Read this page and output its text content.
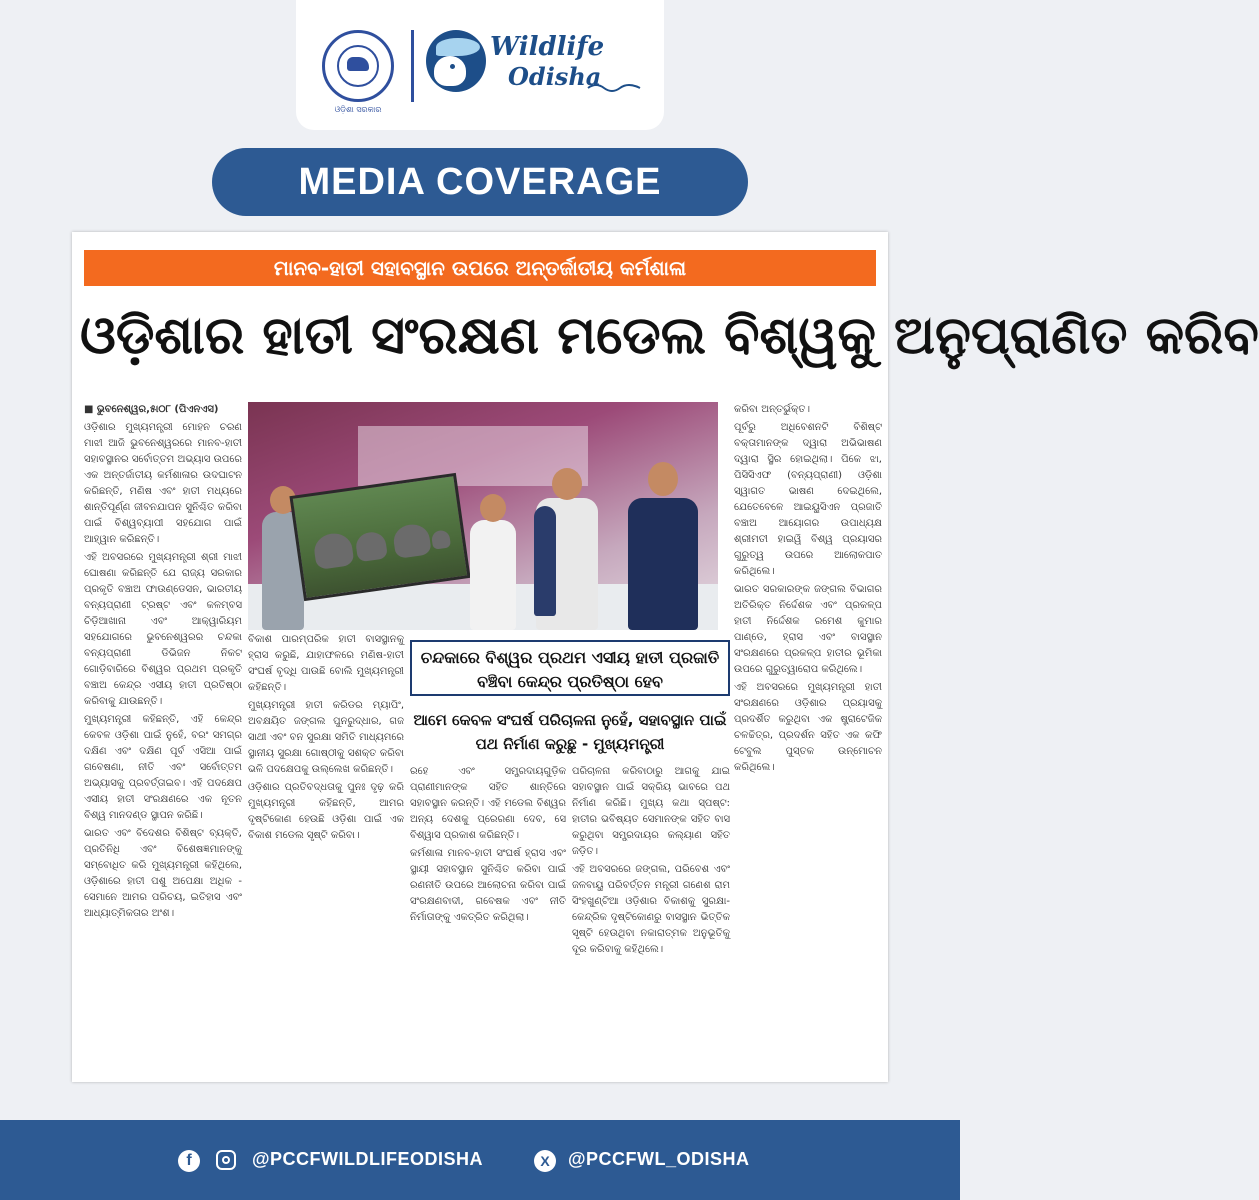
ଓଡ଼ିଶା ସରକାର
Wildlife
Odisha
MEDIA COVERAGE
ମାନବ-ହାତୀ ସହାବସ୍ଥାନ ଉପରେ ଅନ୍ତର୍ଜାତୀୟ କର୍ମଶାଳା
ଓଡ଼ିଶାର ହାତୀ ସଂରକ୍ଷଣ ମଡେଲ ବିଶ୍ୱକୁ ଅନୁପ୍ରାଣିତ କରିବ

■ ଭୁବନେଶ୍ୱର,୫ା୦୮ (ପିଏନଏସ)

ଓଡ଼ିଶାର ମୁଖ୍ୟମନ୍ତ୍ରୀ ମୋହନ ଚରଣ ମାଝୀ ଆଜି ଭୁବନେଶ୍ୱରରେ ମାନବ-ହାତୀ ସହାବସ୍ଥାନର ସର୍ବୋତ୍ତମ ଅଭ୍ୟାସ ଉପରେ ଏକ ଅନ୍ତର୍ଜାତୀୟ କର୍ମଶାଳାର ଉଦଘାଟନ କରିଛନ୍ତି, ମଣିଷ ଏବଂ ହାତୀ ମଧ୍ୟରେ ଶାନ୍ତିପୂର୍ଣ୍ଣ ଜୀବନଯାପନ ସୁନିଶ୍ଚିତ କରିବା ପାଇଁ ବିଶ୍ୱବ୍ୟାପୀ ସହଯୋଗ ପାଇଁ ଆହ୍ୱାନ କରିଛନ୍ତି।

ଏହି ଅବସରରେ ମୁଖ୍ୟମନ୍ତ୍ରୀ ଶ୍ରୀ ମାଝୀ ଘୋଷଣା କରିଛନ୍ତି ଯେ ରାଜ୍ୟ ସରକାର ପ୍ରକୃତି ବଞ୍ଚାଅ ଫାଉଣ୍ଡେସନ, ଭାରତୀୟ ବନ୍ୟପ୍ରାଣୀ ଟ୍ରଷ୍ଟ ଏବଂ କଳମ୍ବସ ଚିଡ଼ିଆଖାନା ଏବଂ ଆକ୍ୱାରିୟମ ସହଯୋଗରେ ଭୁବନେଶ୍ୱରର ଚନ୍ଦକା ବନ୍ୟପ୍ରାଣୀ ଡିଭିଜନ ନିକଟ ଗୋଡ଼ିବାରିରେ ବିଶ୍ୱର ପ୍ରଥମ ପ୍ରକୃତି ବଞ୍ଚାଅ କେନ୍ଦ୍ର ଏସୀୟ ହାତୀ ପ୍ରତିଷ୍ଠା କରିବାକୁ ଯାଉଛନ୍ତି।

ମୁଖ୍ୟମନ୍ତ୍ରୀ କହିଛନ୍ତି, ଏହି କେନ୍ଦ୍ର କେବଳ ଓଡ଼ିଶା ପାଇଁ ନୁହେଁ, ବରଂ ସମଗ୍ର ଦକ୍ଷିଣ ଏବଂ ଦକ୍ଷିଣ ପୂର୍ବ ଏସିଆ ପାଇଁ ଗବେଷଣା, ନୀତି ଏବଂ ସର୍ବୋତ୍ତମ ଅଭ୍ୟାସକୁ ପ୍ରବର୍ତ୍ତାଇବ। ଏହି ପଦକ୍ଷେପ ଏସୀୟ ହାତୀ ସଂରକ୍ଷଣରେ ଏକ ନୂତନ ବିଶ୍ୱ ମାନଦଣ୍ଡ ସ୍ଥାପନ କରିଛି।

ଭାରତ ଏବଂ ବିଦେଶର ବିଶିଷ୍ଟ ବ୍ୟକ୍ତି, ପ୍ରତିନିଧି ଏବଂ ବିଶେଷଜ୍ଞମାନଙ୍କୁ ସମ୍ବୋଧିତ କରି ମୁଖ୍ୟମନ୍ତ୍ରୀ କହିଥିଲେ, ଓଡ଼ିଶାରେ ହାତୀ ପଶୁ ଅପେକ୍ଷା ଅଧିକ - ସେମାନେ ଆମର ପରିଚୟ, ଇତିହାସ ଏବଂ ଆଧ୍ୟାତ୍ମିକତାର ଅଂଶ।

ବିକାଶ ପାରମ୍ପରିକ ହାତୀ ବାସସ୍ଥାନକୁ ହ୍ରାସ କରୁଛି, ଯାହାଫଳରେ ମଣିଷ-ହାତୀ ସଂଘର୍ଷ ବୃଦ୍ଧି ପାଉଛି ବୋଲି ମୁଖ୍ୟମନ୍ତ୍ରୀ କହିଛନ୍ତି।

ମୁଖ୍ୟମନ୍ତ୍ରୀ ହାତୀ କରିଡର ମ୍ୟାପିଂ, ଅବକ୍ଷୟିତ ଜଙ୍ଗଲ ପୁନରୁଦ୍ଧାର, ଗଜ ସାଥୀ ଏବଂ ବନ ସୁରକ୍ଷା ସମିତି ମାଧ୍ୟମରେ ସ୍ଥାନୀୟ ସୁରକ୍ଷା ଗୋଷ୍ଠୀକୁ ସଶକ୍ତ କରିବା ଭଳି ପଦକ୍ଷେପକୁ ଉଲ୍ଲେଖ କରିଛନ୍ତି।

ଓଡ଼ିଶାର ପ୍ରତିବଦ୍ଧତାକୁ ପୁନଃ ଦୃଢ଼ କରି ମୁଖ୍ୟମନ୍ତ୍ରୀ କହିଛନ୍ତି, ଆମର ଦୃଷ୍ଟିକୋଣ ହେଉଛି ଓଡ଼ିଶା ପାଇଁ ଏକ ବିକାଶ ମଡେଲ ସୃଷ୍ଟି କରିବା।

ଚନ୍ଦକାରେ ବିଶ୍ୱର ପ୍ରଥମ ଏସୀୟ ହାତୀ ପ୍ରଜାତି ବଞ୍ଚିବା କେନ୍ଦ୍ର ପ୍ରତିଷ୍ଠା ହେବ
ଆମେ କେବଳ ସଂଘର୍ଷ ପରିଚାଳନା ନୁହେଁ, ସହାବସ୍ଥାନ ପାଇଁ ପଥ ନିର୍ମାଣ କରୁଛୁ - ମୁଖ୍ୟମନ୍ତ୍ରୀ

ରହେ ଏବଂ ସମ୍ପ୍ରଦାୟଗୁଡ଼ିକ ପ୍ରାଣୀମାନଙ୍କ ସହିତ ଶାନ୍ତିରେ ସହାବସ୍ଥାନ କରନ୍ତି। ଏହି ମଡେଲ ବିଶ୍ୱର ଅନ୍ୟ ଦେଶକୁ ପ୍ରେରଣା ଦେବ, ସେ ବିଶ୍ୱାସ ପ୍ରକାଶ କରିଛନ୍ତି।

କର୍ମଶାଳା ମାନବ-ହାତୀ ସଂଘର୍ଷ ହ୍ରାସ ଏବଂ ସ୍ଥାୟୀ ସହାବସ୍ଥାନ ସୁନିଶ୍ଚିତ କରିବା ପାଇଁ ରଣନୀତି ଉପରେ ଆଲୋଚନା କରିବା ପାଇଁ ସଂରକ୍ଷଣବାଦୀ, ଗବେଷକ ଏବଂ ନୀତି ନିର୍ମାତାଙ୍କୁ ଏକତ୍ରିତ କରିଥିଲା।

ପରିଚାଳନା କରିବାଠାରୁ ଆଗକୁ ଯାଇ ସହାବସ୍ଥାନ ପାଇଁ ସକ୍ରିୟ ଭାବରେ ପଥ ନିର୍ମାଣ କରିଛି। ମୁଖ୍ୟ କଥା ସ୍ପଷ୍ଟ: ହାତୀର ଭବିଷ୍ୟତ ସେମାନଙ୍କ ସହିତ ବାସ କରୁଥିବା ସମ୍ପ୍ରଦାୟର କଲ୍ୟାଣ ସହିତ ଜଡ଼ିତ।

ଏହି ଅବସରରେ ଜଙ୍ଗଲ, ପରିବେଶ ଏବଂ ଜଳବାୟୁ ପରିବର୍ତ୍ତନ ମନ୍ତ୍ରୀ ଗଣେଶ ରାମ ସିଂହଖୁଣ୍ଟିଆ ଓଡ଼ିଶାର ବିକାଶକୁ ସୁରକ୍ଷା-କେନ୍ଦ୍ରିକ ଦୃଷ୍ଟିକୋଣରୁ ବାସସ୍ଥାନ ଭିତ୍ତିକ ସୃଷ୍ଟି ହେଉଥିବା ନକାରାତ୍ମକ ଅନୁଭୂତିକୁ ଦୂର କରିବାକୁ କହିଥିଲେ।

କରିବା ଅନ୍ତର୍ଭୁକ୍ତ।

ପୂର୍ବରୁ ଅଧିବେଶନଟି ବିଶିଷ୍ଟ ବକ୍ତାମାନଙ୍କ ଦ୍ୱାରା ଅଭିଭାଷଣ ଦ୍ୱାରା ସ୍ଥିର ହୋଇଥିଲା। ପିକେ ଝା, ପିସିସିଏଫ (ବନ୍ୟପ୍ରାଣୀ) ଓଡ଼ିଶା ସ୍ୱାଗତ ଭାଷଣ ଦେଇଥିଲେ, ଯେତେବେଳେ ଆଇୟୁସିଏନ ପ୍ରଜାତି ବଞ୍ଚାଅ ଆୟୋଗର ଉପାଧ୍ୟକ୍ଷ ଶ୍ରୀମତୀ ହାଇୱି ବିଶ୍ୱ ପ୍ରୟାସର ଗୁରୁତ୍ୱ ଉପରେ ଆଲୋକପାତ କରିଥିଲେ।

ଭାରତ ସରକାରଙ୍କ ଜଙ୍ଗଲ ବିଭାଗର ଅତିରିକ୍ତ ନିର୍ଦ୍ଦେଶକ ଏବଂ ପ୍ରକଳ୍ପ ହାତୀ ନିର୍ଦ୍ଦେଶକ ରମେଶ କୁମାର ପାଣ୍ଡେ, ହ୍ରାସ ଏବଂ ବାସସ୍ଥାନ ସଂରକ୍ଷଣରେ ପ୍ରକଳ୍ପ ହାତୀର ଭୂମିକା ଉପରେ ଗୁରୁତ୍ୱାରୋପ କରିଥିଲେ।

ଏହି ଅବସରରେ ମୁଖ୍ୟମନ୍ତ୍ରୀ ହାତୀ ସଂରକ୍ଷଣରେ ଓଡ଼ିଶାର ପ୍ରୟାସକୁ ପ୍ରଦର୍ଶିତ କରୁଥିବା ଏକ ଷ୍ଟ୍ରାଟେଜିକ ଚଳଚ୍ଚିତ୍ର, ପ୍ରଦର୍ଶନ ସହିତ ଏକ କଫି ଟେବୁଲ ପୁସ୍ତକ ଉନ୍ମୋଚନ କରିଥିଲେ।

f	@PCCFWILDLIFEODISHA	X	@PCCFWL_ODISHA
